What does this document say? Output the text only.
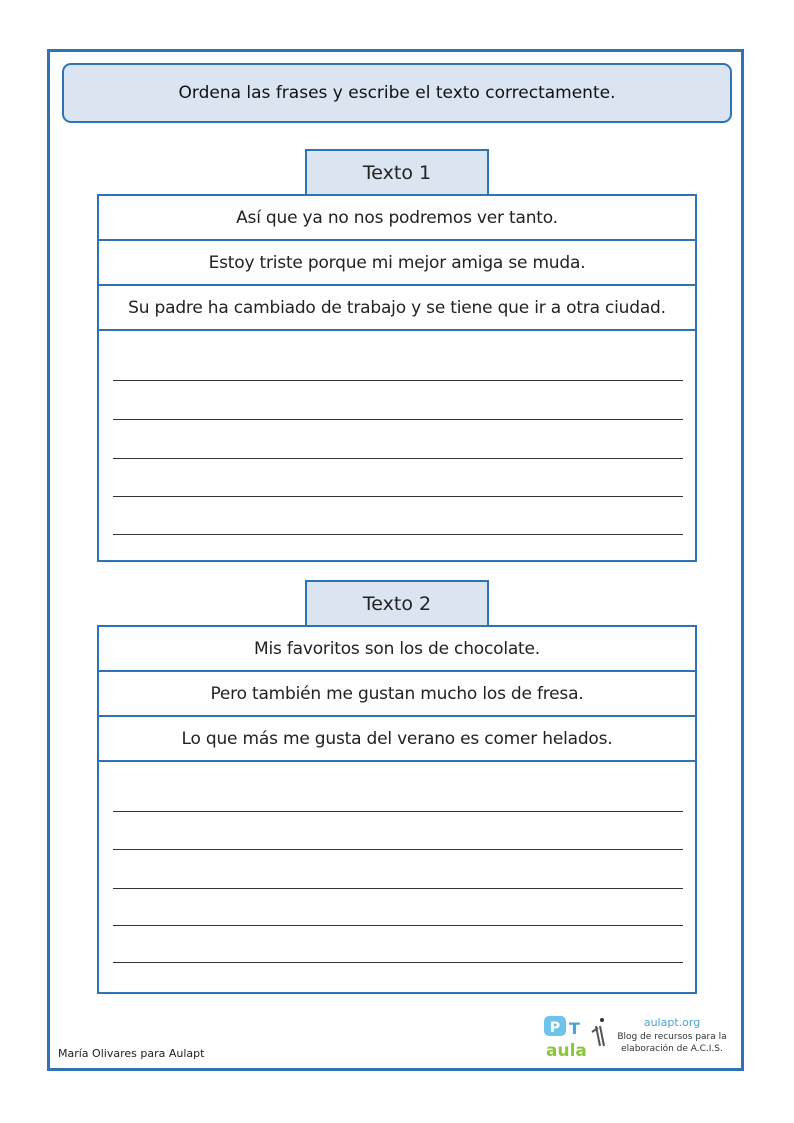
Ordena las frases y escribe el texto correctamente.
Texto 1
Así que ya no nos podremos ver tanto.
Estoy triste porque mi mejor amiga se muda.
Su padre ha cambiado de trabajo y se tiene que ir a otra ciudad.
Texto 2
Mis favoritos son los de chocolate.
Pero también me gustan mucho los de fresa.
Lo que más me gusta del verano es comer helados.
María Olivares para Aulapt
P T
aula
aulapt.org
Blog de recursos para la
elaboración de A.C.I.S.
